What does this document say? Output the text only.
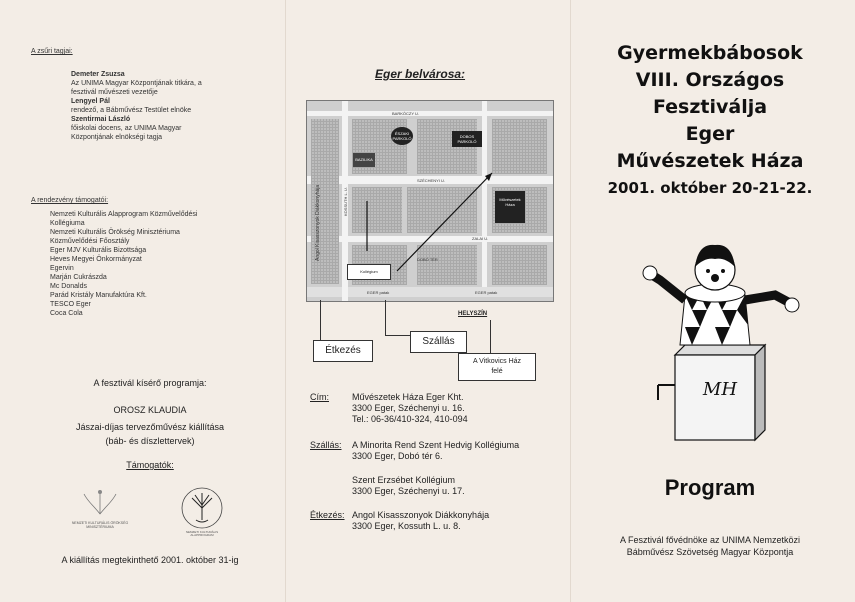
A zsűri tagjai:
Demeter Zsuzsa
Az UNIMA Magyar Központjának titkára, a
fesztivál művészeti vezetője
Lengyel Pál
rendező, a Bábművész Testület elnöke
Szentirmai László
főiskolai docens, az UNIMA Magyar
Központjának elnökségi tagja
A rendezvény támogatói:
Nemzeti Kulturális Alapprogram Közművelődési
Kollégiuma
Nemzeti Kulturális Örökség Minisztériuma
Közművelődési Főosztály
Eger MJV Kulturális Bizottsága
Heves Megyei Önkormányzat
Egervin
Marján Cukrászda
Mc Donalds
Parád Kristály Manufaktúra Kft.
TESCO Eger
Coca Cola
A fesztivál kísérő programja:
OROSZ KLAUDIA
Jászai-díjas tervezőművész kiállítása
(báb- és díszlettervek)
Támogatók:
NEMZETI KULTURÁLIS ÖRÖKSÉG MINISZTÉRIUMA
NEMZETI KULTURÁLIS ALAPPROGRAM
A kiállítás megtekinthető 2001. október 31-ig
Eger belvárosa:
ÉSZAKI PARKOLÓ	DOBOS PARKOLÓ
BAZILIKA
Művészetek Háza
Kollégium
BARKÓCZY U.
SZÉCHENYI U.
ZALAI U.
KOSSUTH L. U.
DOBÓ TÉR
EGER patak	EGER patak
Angol Kisasszonyok Diákkonyhája
HELYSZÍN
Étkezés
Szállás
A Vitkovics Ház
felé
Cím:	Művészetek Háza Eger Kht.
3300 Eger, Széchenyi u. 16.
Tel.: 06-36/410-324, 410-094
Szállás: A Minorita Rend Szent Hedvig Kollégiuma
3300 Eger, Dobó tér 6.
Szent Erzsébet Kollégium
3300 Eger, Széchenyi u. 17.
Étkezés: Angol Kisasszonyok Diákkonyhája
3300 Eger, Kossuth L. u. 8.
Gyermekbábosok
VIII. Országos
Fesztiválja
Eger
Művészetek Háza
2001. október 20-21-22.
MH
Program
A Fesztivál fővédnöke az UNIMA Nemzetközi
Bábművész Szövetség Magyar Központja
